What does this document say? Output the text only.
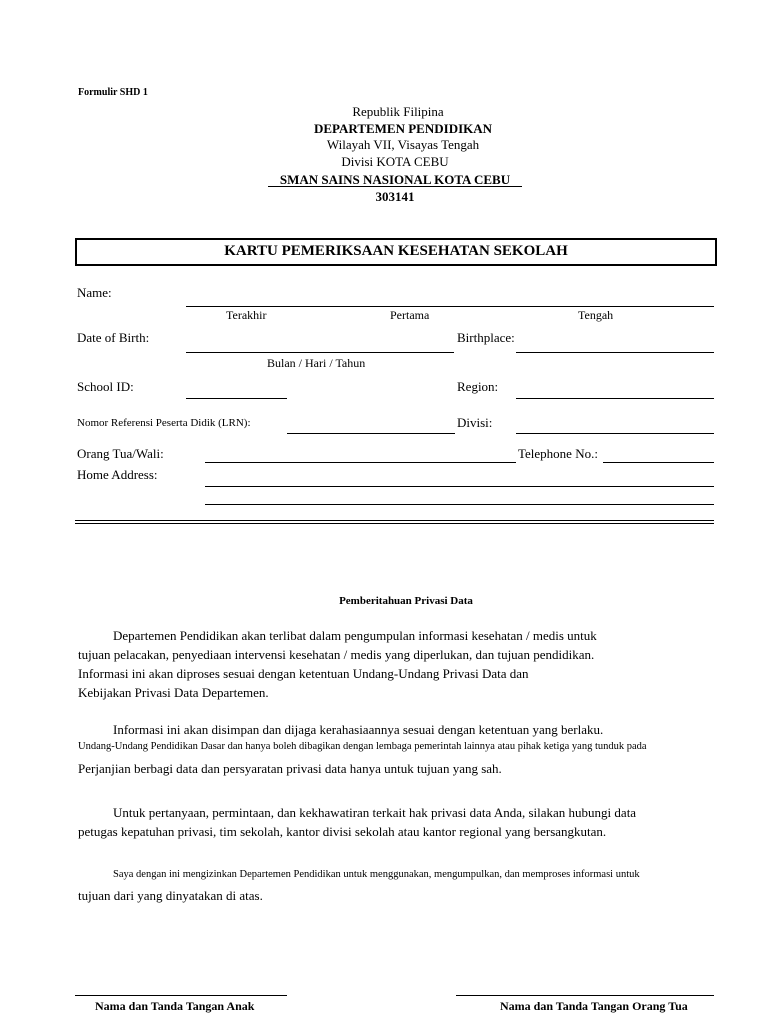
Formulir SHD 1
Republik Filipina
DEPARTEMEN PENDIDIKAN
Wilayah VII, Visayas Tengah
Divisi KOTA CEBU
SMAN SAINS NASIONAL KOTA CEBU
303141
KARTU PEMERIKSAAN KESEHATAN SEKOLAH
Name:
Terakhir	Pertama	Tengah
Date of Birth:
Bulan / Hari / Tahun
Birthplace:
School ID:	Region:
Nomor Referensi Peserta Didik (LRN):	Divisi:
Orang Tua/Wali:	Telephone No.:
Home Address:
Pemberitahuan Privasi Data
Departemen Pendidikan akan terlibat dalam pengumpulan informasi kesehatan / medis untuk
tujuan pelacakan, penyediaan intervensi kesehatan / medis yang diperlukan, dan tujuan pendidikan.
Informasi ini akan diproses sesuai dengan ketentuan Undang-Undang Privasi Data dan
Kebijakan Privasi Data Departemen.
Informasi ini akan disimpan dan dijaga kerahasiaannya sesuai dengan ketentuan yang berlaku.
Undang-Undang Pendidikan Dasar dan hanya boleh dibagikan dengan lembaga pemerintah lainnya atau pihak ketiga yang tunduk pada
Perjanjian berbagi data dan persyaratan privasi data hanya untuk tujuan yang sah.
Untuk pertanyaan, permintaan, dan kekhawatiran terkait hak privasi data Anda, silakan hubungi data
petugas kepatuhan privasi, tim sekolah, kantor divisi sekolah atau kantor regional yang bersangkutan.
Saya dengan ini mengizinkan Departemen Pendidikan untuk menggunakan, mengumpulkan, dan memproses informasi untuk
tujuan dari yang dinyatakan di atas.
Nama dan Tanda Tangan Anak	Nama dan Tanda Tangan Orang Tua
